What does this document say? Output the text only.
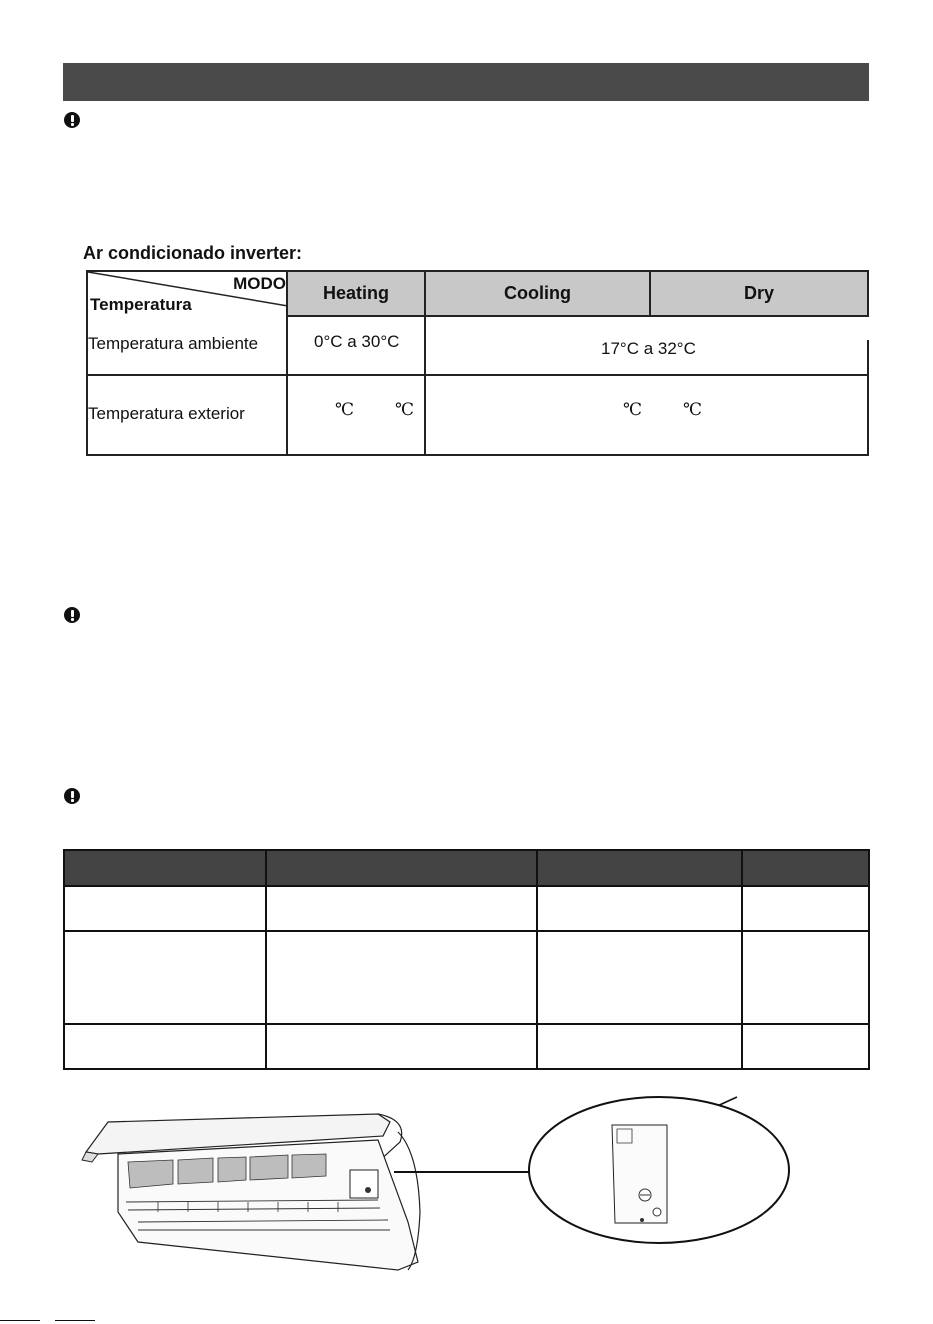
Ar condicionado inverter:
MODO
Temperatura
Heating	Cooling	Dry
Temperatura ambiente	0°C a 30°C	17°C a 32°C
Temperatura exterior	℃ ℃	℃ ℃
